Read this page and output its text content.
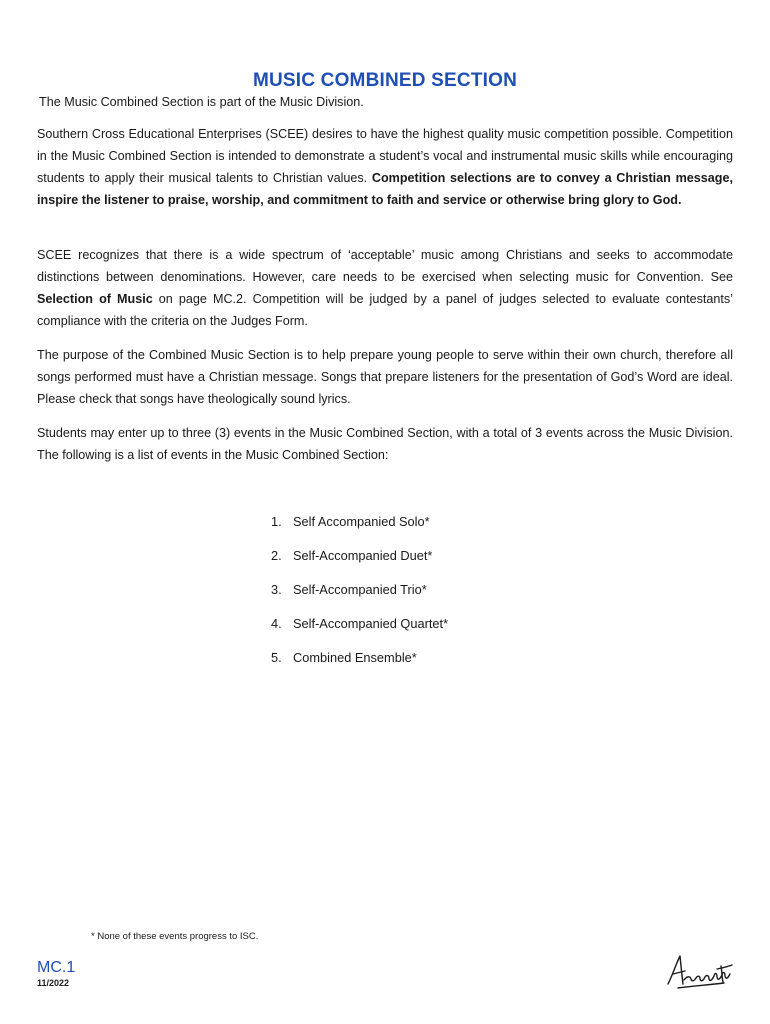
MUSIC COMBINED SECTION

The Music Combined Section is part of the Music Division.

Southern Cross Educational Enterprises (SCEE) desires to have the highest quality music competition possible. Competition in the Music Combined Section is intended to demonstrate a student’s vocal and instrumental music skills while encouraging students to apply their musical talents to Christian values. Competition selections are to convey a Christian message, inspire the listener to praise, worship, and commitment to faith and service or otherwise bring glory to God.

SCEE recognizes that there is a wide spectrum of ‘acceptable’ music among Christians and seeks to accommodate distinctions between denominations. However, care needs to be exercised when selecting music for Convention. See Selection of Music on page MC.2. Competition will be judged by a panel of judges selected to evaluate contestants’ compliance with the criteria on the Judges Form.

The purpose of the Combined Music Section is to help prepare young people to serve within their own church, therefore all songs performed must have a Christian message. Songs that prepare listeners for the presentation of God’s Word are ideal. Please check that songs have theologically sound lyrics.

Students may enter up to three (3) events in the Music Combined Section, with a total of 3 events across the Music Division. The following is a list of events in the Music Combined Section:

1. Self Accompanied Solo*
2. Self-Accompanied Duet*
3. Self-Accompanied Trio*
4. Self-Accompanied Quartet*
5. Combined Ensemble*
* None of these events progress to ISC.
MC.1
11/2022
